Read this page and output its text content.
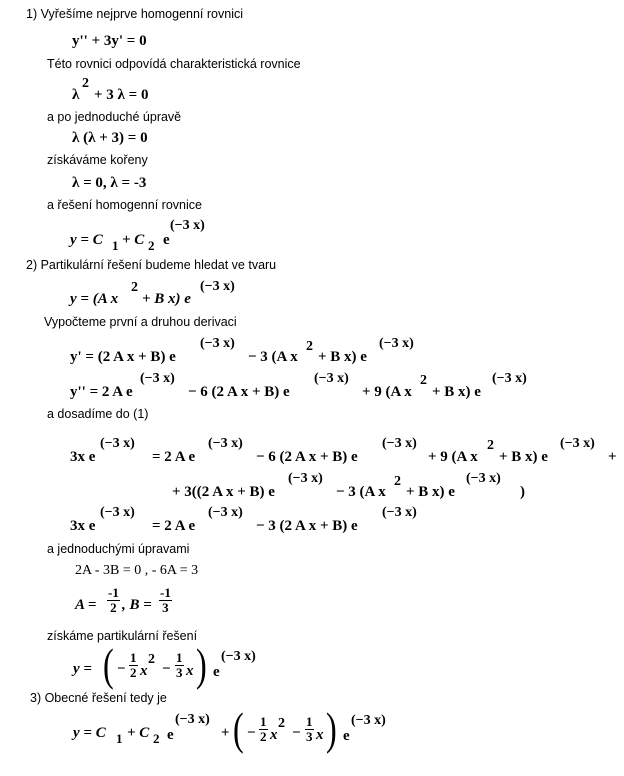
1) Vyřešíme nejprve homogenní rovnici
y'' + 3y' = 0
Této rovnici odpovídá charakteristická rovnice
λ
2
+ 3 λ = 0
a po jednoduché úpravě
λ (λ + 3) = 0
získáváme kořeny
λ = 0, λ = -3
a řešení homogenní rovnice
y = C 1 + C 2 e
(−3 x)
2) Partikulární řešení budeme hledat ve tvaru
y = (A x
2
+ B x) e
(−3 x)
Vypočteme první a druhou derivaci
y' = (2 A x + B) e
(−3 x)
− 3 (A x
2
+ B x) e
(−3 x)
y'' = 2 A e
(−3 x)
− 6 (2 A x + B) e
(−3 x)
+ 9 (A x
2
+ B x) e
(−3 x)
a dosadíme do (1)
3x e
(−3 x)
= 2 A e
(−3 x)
− 6 (2 A x + B) e
(−3 x)
+ 9 (A x
2
+ B x) e
(−3 x)
+
+ 3((2 A x + B) e
(−3 x)
− 3 (A x
2
+ B x) e
(−3 x)
)
3x e
(−3 x)
= 2 A e
(−3 x)
− 3 (2 A x + B) e
(−3 x)
a jednoduchými úpravami
2A - 3B = 0 , - 6A = 3
$A = \frac{-1}{2}$ , $B = \frac{-1}{3}$
získáme partikulární řešení
y = ( − $\frac{1}{2}$ x
2
− $\frac{1}{3}$ x ) e
(−3 x)
3) Obecné řešení tedy je
y = C 1 + C 2 e
(−3 x)
+ ( − $\frac{1}{2}$ x
2
− $\frac{1}{3}$ x ) e
(−3 x)
